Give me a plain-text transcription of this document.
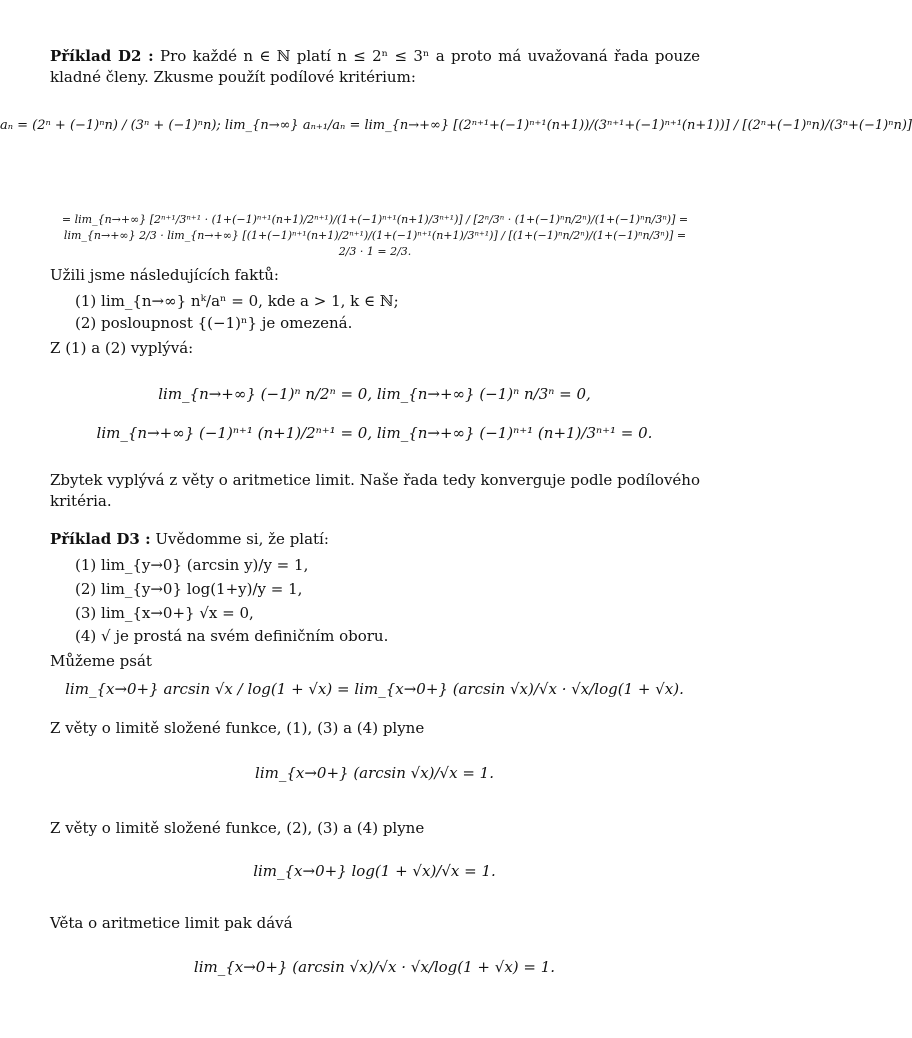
Příklad D2 : Pro každé n ∈ ℕ platí n ≤ 2ⁿ ≤ 3ⁿ a proto má uvažovaná řada pouze kladné členy. Zkusme použít podílové kritérium:
aₙ = (2ⁿ + (−1)ⁿn) / (3ⁿ + (−1)ⁿn); lim_{n→∞} aₙ₊₁/aₙ = lim_{n→+∞} [(2ⁿ⁺¹+(−1)ⁿ⁺¹(n+1))/(3ⁿ⁺¹+(−1)ⁿ⁺¹(n+1))] / [(2ⁿ+(−1)ⁿn)/(3ⁿ+(−1)ⁿn)]
= lim_{n→+∞} [2ⁿ⁺¹/3ⁿ⁺¹ · (1+(−1)ⁿ⁺¹(n+1)/2ⁿ⁺¹)/(1+(−1)ⁿ⁺¹(n+1)/3ⁿ⁺¹)] / [2ⁿ/3ⁿ · (1+(−1)ⁿn/2ⁿ)/(1+(−1)ⁿn/3ⁿ)] = lim_{n→+∞} 2/3 · lim_{n→+∞} [(1+(−1)ⁿ⁺¹(n+1)/2ⁿ⁺¹)/(1+(−1)ⁿ⁺¹(n+1)/3ⁿ⁺¹)] / [(1+(−1)ⁿn/2ⁿ)/(1+(−1)ⁿn/3ⁿ)] = 2/3 · 1 = 2/3.
Užili jsme následujících faktů:
(1) lim_{n→∞} nᵏ/aⁿ = 0, kde a > 1, k ∈ ℕ;
(2) posloupnost {(−1)ⁿ} je omezená.
Z (1) a (2) vyplývá:
lim_{n→+∞} (−1)ⁿ n/2ⁿ = 0, lim_{n→+∞} (−1)ⁿ n/3ⁿ = 0,
lim_{n→+∞} (−1)ⁿ⁺¹ (n+1)/2ⁿ⁺¹ = 0, lim_{n→+∞} (−1)ⁿ⁺¹ (n+1)/3ⁿ⁺¹ = 0.
Zbytek vyplývá z věty o aritmetice limit. Naše řada tedy konverguje podle podílového kritéria.
Příklad D3 : Uvědomme si, že platí:
(1) lim_{y→0} (arcsin y)/y = 1,
(2) lim_{y→0} log(1+y)/y = 1,
(3) lim_{x→0+} √x = 0,
(4) √ je prostá na svém definičním oboru.
Můžeme psát
lim_{x→0+} arcsin √x / log(1 + √x) = lim_{x→0+} (arcsin √x)/√x · √x/log(1 + √x).
Z věty o limitě složené funkce, (1), (3) a (4) plyne
lim_{x→0+} (arcsin √x)/√x = 1.
Z věty o limitě složené funkce, (2), (3) a (4) plyne
lim_{x→0+} log(1 + √x)/√x = 1.
Věta o aritmetice limit pak dává
lim_{x→0+} (arcsin √x)/√x · √x/log(1 + √x) = 1.
